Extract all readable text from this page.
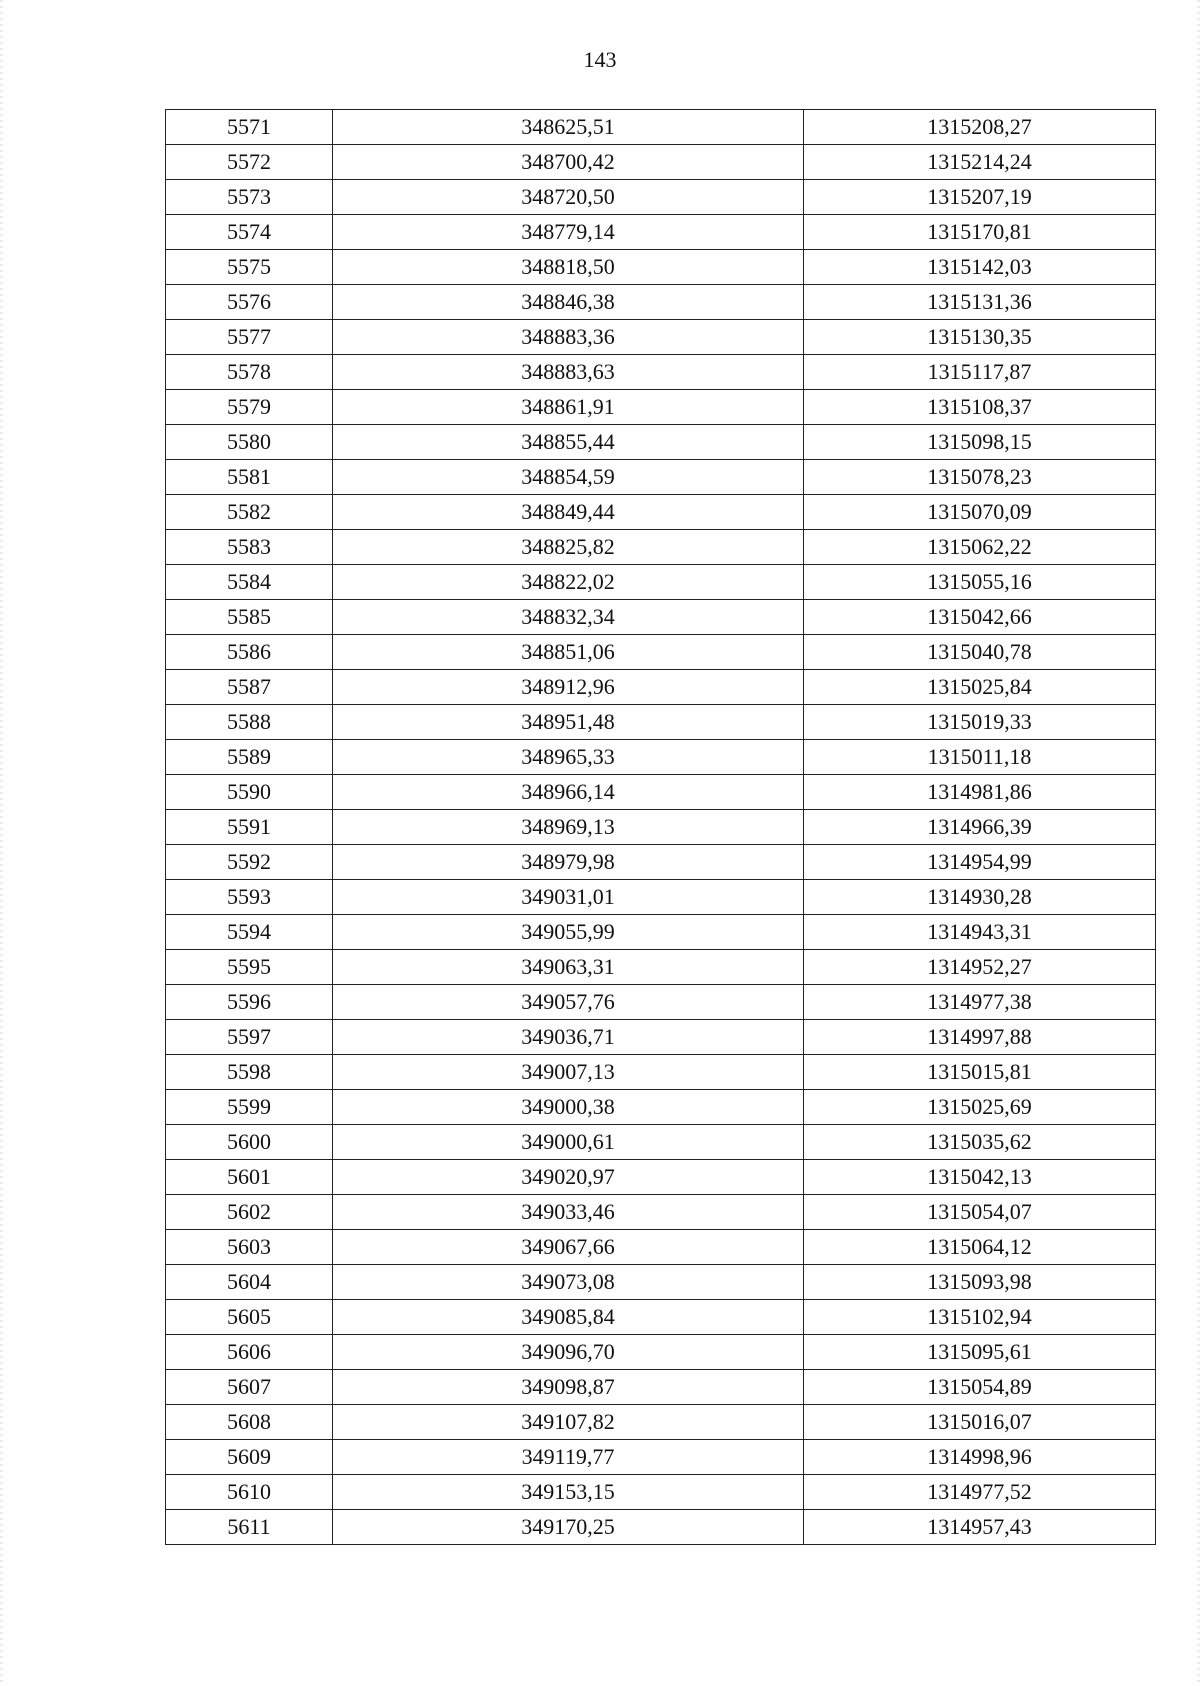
143
5571	348625,51	1315208,27
5572	348700,42	1315214,24
5573	348720,50	1315207,19
5574	348779,14	1315170,81
5575	348818,50	1315142,03
5576	348846,38	1315131,36
5577	348883,36	1315130,35
5578	348883,63	1315117,87
5579	348861,91	1315108,37
5580	348855,44	1315098,15
5581	348854,59	1315078,23
5582	348849,44	1315070,09
5583	348825,82	1315062,22
5584	348822,02	1315055,16
5585	348832,34	1315042,66
5586	348851,06	1315040,78
5587	348912,96	1315025,84
5588	348951,48	1315019,33
5589	348965,33	1315011,18
5590	348966,14	1314981,86
5591	348969,13	1314966,39
5592	348979,98	1314954,99
5593	349031,01	1314930,28
5594	349055,99	1314943,31
5595	349063,31	1314952,27
5596	349057,76	1314977,38
5597	349036,71	1314997,88
5598	349007,13	1315015,81
5599	349000,38	1315025,69
5600	349000,61	1315035,62
5601	349020,97	1315042,13
5602	349033,46	1315054,07
5603	349067,66	1315064,12
5604	349073,08	1315093,98
5605	349085,84	1315102,94
5606	349096,70	1315095,61
5607	349098,87	1315054,89
5608	349107,82	1315016,07
5609	349119,77	1314998,96
5610	349153,15	1314977,52
5611	349170,25	1314957,43
